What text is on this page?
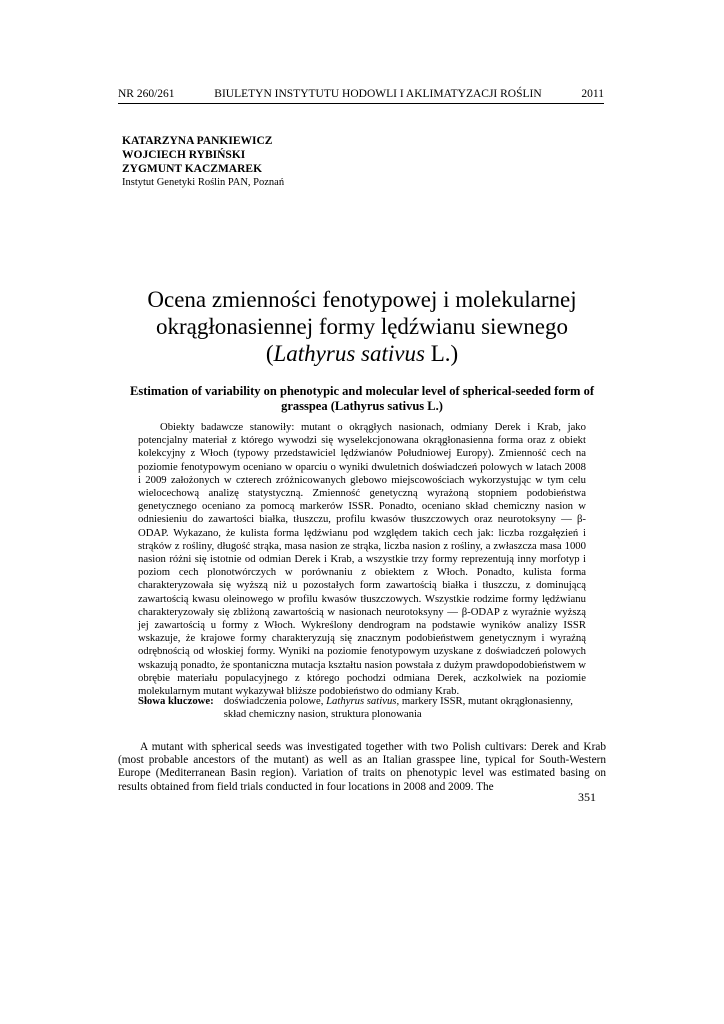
NR 260/261	BIULETYN INSTYTUTU HODOWLI I AKLIMATYZACJI ROŚLIN	2011
KATARZYNA PANKIEWICZ
WOJCIECH RYBIŃSKI
ZYGMUNT KACZMAREK
Instytut Genetyki Roślin PAN, Poznań
Ocena zmienności fenotypowej i molekularnej
okrągłonasiennej formy lędźwianu siewnego
(Lathyrus sativus L.)
Estimation of variability on phenotypic and molecular level of spherical-seeded form of grasspea (Lathyrus sativus L.)

Obiekty badawcze stanowiły: mutant o okrągłych nasionach, odmiany Derek i Krab, jako potencjalny materiał z którego wywodzi się wyselekcjonowana okrągłonasienna forma oraz z obiekt kolekcyjny z Włoch (typowy przedstawiciel lędźwianów Południowej Europy). Zmienność cech na poziomie fenotypowym oceniano w oparciu o wyniki dwuletnich doświadczeń polowych w latach 2008 i 2009 założonych w czterech zróżnicowanych glebowo miejscowościach wykorzystując w tym celu wielocechową analizę statystyczną. Zmienność genetyczną wyrażoną stopniem podobieństwa genetycznego oceniano za pomocą markerów ISSR. Ponadto, oceniano skład chemiczny nasion w odniesieniu do zawartości białka, tłuszczu, profilu kwasów tłuszczowych oraz neurotoksyny — β-ODAP. Wykazano, że kulista forma lędźwianu pod względem takich cech jak: liczba rozgałęzień i strąków z rośliny, długość strąka, masa nasion ze strąka, liczba nasion z rośliny, a zwłaszcza masa 1000 nasion różni się istotnie od odmian Derek i Krab, a wszystkie trzy formy reprezentują inny morfotyp i poziom cech plonotwórczych w porównaniu z obiektem z Włoch. Ponadto, kulista forma charakteryzowała się wyższą niż u pozostałych form zawartością białka i tłuszczu, z dominującą zawartością kwasu oleinowego w profilu kwasów tłuszczowych. Wszystkie rodzime formy lędźwianu charakteryzowały się zbliżoną zawartością w nasionach neurotoksyny — β-ODAP z wyraźnie wyższą jej zawartością u formy z Włoch. Wykreślony dendrogram na podstawie wyników analizy ISSR wskazuje, że krajowe formy charakteryzują się znacznym podobieństwem genetycznym i wyraźną odrębnością od włoskiej formy. Wyniki na poziomie fenotypowym uzyskane z doświadczeń polowych wskazują ponadto, że spontaniczna mutacja kształtu nasion powstała z dużym prawdopodobieństwem w obrębie materiału populacyjnego z którego pochodzi odmiana Derek, aczkolwiek na poziomie molekularnym mutant wykazywał bliższe podobieństwo do odmiany Krab.

Słowa kluczowe: doświadczenia polowe, Lathyrus sativus, markery ISSR, mutant okrągłonasienny, skład chemiczny nasion, struktura plonowania

A mutant with spherical seeds was investigated together with two Polish cultivars: Derek and Krab (most probable ancestors of the mutant) as well as an Italian grasspee line, typical for South-Western Europe (Mediterranean Basin region). Variation of traits on phenotypic level was estimated basing on results obtained from field trials conducted in four locations in 2008 and 2009. The

351
